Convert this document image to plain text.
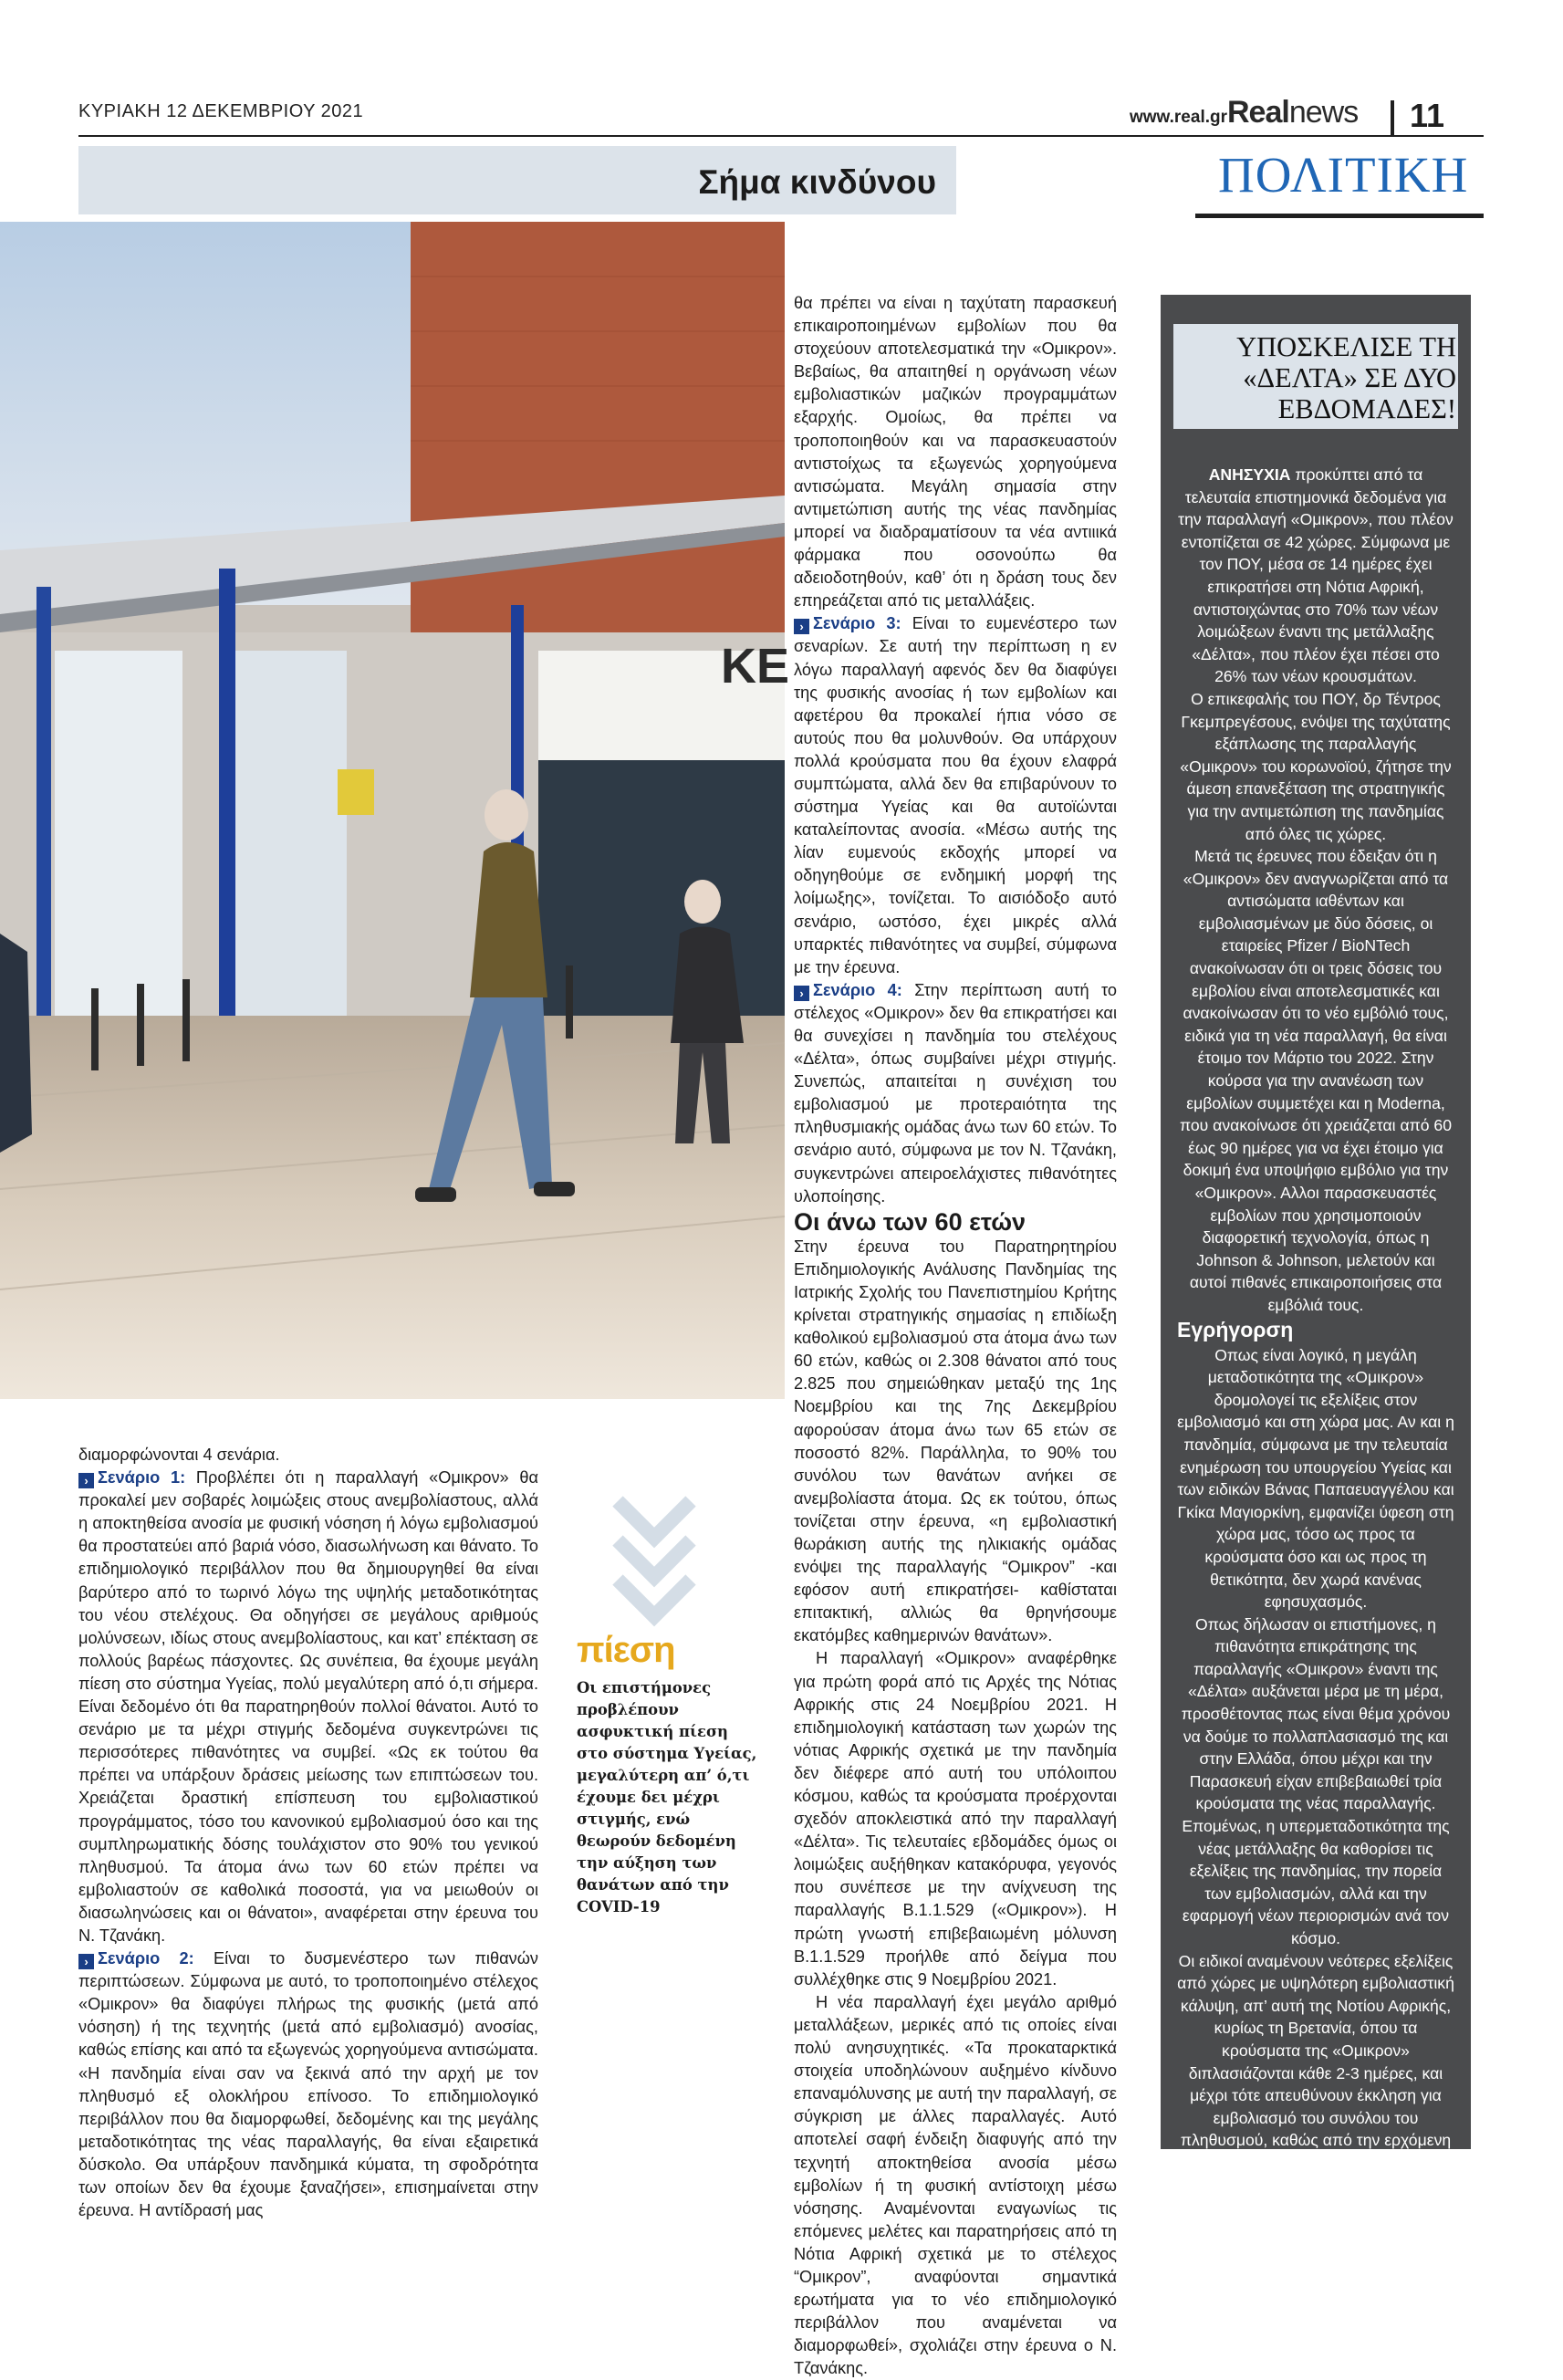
ΚΥΡΙΑΚΗ 12 ΔΕΚΕΜΒΡΙΟΥ 2021	www.real.gr Realnews 11
Σήμα κινδύνου	ΠΟΛΙΤΙΚΗ
KE

διαμορφώνονται 4 σενάρια.

› Σενάριο 1: Προβλέπει ότι η παραλλαγή «Ομικρον» θα προκαλεί μεν σοβαρές λοιμώξεις στους ανεμβολίαστους, αλλά η αποκτηθείσα ανοσία με φυσική νόσηση ή λόγω εμβολιασμού θα προστατεύει από βαριά νόσο, διασωλήνωση και θάνατο. Το επιδημιολογικό περιβάλλον που θα δημιουργηθεί θα είναι βαρύτερο από το τωρινό λόγω της υψηλής μεταδοτικότητας του νέου στελέχους. Θα οδηγήσει σε μεγάλους αριθμούς μολύνσεων, ιδίως στους ανεμβολίαστους, και κατ’ επέκταση σε πολλούς βαρέως πάσχοντες. Ως συνέπεια, θα έχουμε μεγάλη πίεση στο σύστημα Υγείας, πολύ μεγαλύτερη από ό,τι σήμερα. Είναι δεδομένο ότι θα παρατηρηθούν πολλοί θάνατοι. Αυτό το σενάριο με τα μέχρι στιγμής δεδομένα συγκεντρώνει τις περισσότερες πιθανότητες να συμβεί. «Ως εκ τούτου θα πρέπει να υπάρξουν δράσεις μείωσης των επιπτώσεων του. Χρειάζεται δραστική επίσπευση του εμβολιαστικού προγράμματος, τόσο του κανονικού εμβολιασμού όσο και της συμπληρωματικής δόσης τουλάχιστον στο 90% του γενικού πληθυσμού. Τα άτομα άνω των 60 ετών πρέπει να εμβολιαστούν σε καθολικά ποσοστά, για να μειωθούν οι διασωληνώσεις και οι θάνατοι», αναφέρεται στην έρευνα του Ν. Τζανάκη.

› Σενάριο 2: Είναι το δυσμενέστερο των πιθανών περιπτώσεων. Σύμφωνα με αυτό, το τροποποιημένο στέλεχος «Ομικρον» θα διαφύγει πλήρως της φυσικής (μετά από νόσηση) ή της τεχνητής (μετά από εμβολιασμό) ανοσίας, καθώς επίσης και από τα εξωγενώς χορηγούμενα αντισώματα. «Η πανδημία είναι σαν να ξεκινά από την αρχή με τον πληθυσμό εξ ολοκλήρου επίνοσο. Το επιδημιολογικό περιβάλλον που θα διαμορφωθεί, δεδομένης και της μεγάλης μεταδοτικότητας της νέας παραλλαγής, θα είναι εξαιρετικά δύσκολο. Θα υπάρξουν πανδημικά κύματα, τη σφοδρότητα των οποίων δεν θα έχουμε ξαναζήσει», επισημαίνεται στην έρευνα. Η αντίδρασή μας

πίεση
Οι επιστήμονες προβλέπουν ασφυκτική πίεση στο σύστημα Υγείας, μεγαλύτερη απ’ ό,τι έχουμε δει μέχρι στιγμής, ενώ θεωρούν δεδομένη την αύξηση των θανάτων από την COVID-19

θα πρέπει να είναι η ταχύτατη παρασκευή επικαιροποιημένων εμβολίων που θα στοχεύουν αποτελεσματικά την «Ομικρον». Βεβαίως, θα απαιτηθεί η οργάνωση νέων εμβολιαστικών μαζικών προγραμμάτων εξαρχής. Ομοίως, θα πρέπει να τροποποιηθούν και να παρασκευαστούν αντιστοίχως τα εξωγενώς χορηγούμενα αντισώματα. Μεγάλη σημασία στην αντιμετώπιση αυτής της νέας πανδημίας μπορεί να διαδραματίσουν τα νέα αντιιικά φάρμακα που οσονούπω θα αδειοδοτηθούν, καθ’ ότι η δράση τους δεν επηρεάζεται από τις μεταλλάξεις.

› Σενάριο 3: Είναι το ευμενέστερο των σεναρίων. Σε αυτή την περίπτωση η εν λόγω παραλλαγή αφενός δεν θα διαφύγει της φυσικής ανοσίας ή των εμβολίων και αφετέρου θα προκαλεί ήπια νόσο σε αυτούς που θα μολυνθούν. Θα υπάρχουν πολλά κρούσματα που θα έχουν ελαφρά συμπτώματα, αλλά δεν θα επιβαρύνουν το σύστημα Υγείας και θα αυτοϊώνται καταλείποντας ανοσία. «Μέσω αυτής της λίαν ευμενούς εκδοχής μπορεί να οδηγηθούμε σε ενδημική μορφή της λοίμωξης», τονίζεται. Το αισιόδοξο αυτό σενάριο, ωστόσο, έχει μικρές αλλά υπαρκτές πιθανότητες να συμβεί, σύμφωνα με την έρευνα.

› Σενάριο 4: Στην περίπτωση αυτή το στέλεχος «Ομικρον» δεν θα επικρατήσει και θα συνεχίσει η πανδημία του στελέχους «Δέλτα», όπως συμβαίνει μέχρι στιγμής. Συνεπώς, απαιτείται η συνέχιση του εμβολιασμού με προτεραιότητα της πληθυσμιακής ομάδας άνω των 60 ετών. Το σενάριο αυτό, σύμφωνα με τον Ν. Τζανάκη, συγκεντρώνει απειροελάχιστες πιθανότητες υλοποίησης.

Οι άνω των 60 ετών

Στην έρευνα του Παρατηρητηρίου Επιδημιολογικής Ανάλυσης Πανδημίας της Ιατρικής Σχολής του Πανεπιστημίου Κρήτης κρίνεται στρατηγικής σημασίας η επιδίωξη καθολικού εμβολιασμού στα άτομα άνω των 60 ετών, καθώς οι 2.308 θάνατοι από τους 2.825 που σημειώθηκαν μεταξύ της 1ης Νοεμβρίου και της 7ης Δεκεμβρίου αφορούσαν άτομα άνω των 65 ετών σε ποσοστό 82%. Παράλληλα, το 90% του συνόλου των θανάτων ανήκει σε ανεμβολίαστα άτομα. Ως εκ τούτου, όπως τονίζεται στην έρευνα, «η εμβολιαστική θωράκιση αυτής της ηλικιακής ομάδας ενόψει της παραλλαγής “Ομικρον” -και εφόσον αυτή επικρατήσει- καθίσταται επιτακτική, αλλιώς θα θρηνήσουμε εκατόμβες καθημερινών θανάτων».

Η παραλλαγή «Ομικρον» αναφέρθηκε για πρώτη φορά από τις Αρχές της Νότιας Αφρικής στις 24 Νοεμβρίου 2021. Η επιδημιολογική κατάσταση των χωρών της νότιας Αφρικής σχετικά με την πανδημία δεν διέφερε από αυτή του υπόλοιπου κόσμου, καθώς τα κρούσματα προέρχονται σχεδόν αποκλειστικά από την παραλλαγή «Δέλτα». Τις τελευταίες εβδομάδες όμως οι λοιμώξεις αυξήθηκαν κατακόρυφα, γεγονός που συνέπεσε με την ανίχνευση της παραλλαγής Β.1.1.529 («Ομικρον»). Η πρώτη γνωστή επιβεβαιωμένη μόλυνση Β.1.1.529 προήλθε από δείγμα που συλλέχθηκε στις 9 Νοεμβρίου 2021.

Η νέα παραλλαγή έχει μεγάλο αριθμό μεταλλάξεων, μερικές από τις οποίες είναι πολύ ανησυχητικές. «Τα προκαταρκτικά στοιχεία υποδηλώνουν αυξημένο κίνδυνο επαναμόλυνσης με αυτή την παραλλαγή, σε σύγκριση με άλλες παραλλαγές. Αυτό αποτελεί σαφή ένδειξη διαφυγής από την τεχνητή αποκτηθείσα ανοσία μέσω εμβολίων ή τη φυσική αντίστοιχη μέσω νόσησης. Αναμένονται εναγωνίως τις επόμενες μελέτες και παρατηρήσεις από τη Νότια Αφρική σχετικά με το στέλεχος “Ομικρον”, αναφύονται σημαντικά ερωτήματα για το νέο επιδημιολογικό περιβάλλον που αναμένεται να διαμορφωθεί», σχολιάζει στην έρευνα ο Ν. Τζανάκης.

ΥΠΟΣΚΕΛΙΣΕ ΤΗ «ΔΕΛΤΑ» ΣΕ ΔΥΟ ΕΒΔΟΜΑΔΕΣ!

ΑΝΗΣΥΧΙΑ προκύπτει από τα τελευταία επιστημονικά δεδομένα για την παραλλαγή «Ομικρον», που πλέον εντοπίζεται σε 42 χώρες. Σύμφωνα με τον ΠΟΥ, μέσα σε 14 ημέρες έχει επικρατήσει στη Νότια Αφρική, αντιστοιχώντας στο 70% των νέων λοιμώξεων έναντι της μετάλλαξης «Δέλτα», που πλέον έχει πέσει στο 26% των νέων κρουσμάτων.

Ο επικεφαλής του ΠΟΥ, δρ Τέντρος Γκεμπρεγέσους, ενόψει της ταχύτατης εξάπλωσης της παραλλαγής «Ομικρον» του κορωνοϊού, ζήτησε την άμεση επανεξέταση της στρατηγικής για την αντιμετώπιση της πανδημίας από όλες τις χώρες.

Μετά τις έρευνες που έδειξαν ότι η «Ομικρον» δεν αναγνωρίζεται από τα αντισώματα ιαθέντων και εμβολιασμένων με δύο δόσεις, οι εταιρείες Pfizer / BioNTech ανακοίνωσαν ότι οι τρεις δόσεις του εμβολίου είναι αποτελεσματικές και ανακοίνωσαν ότι το νέο εμβόλιό τους, ειδικά για τη νέα παραλλαγή, θα είναι έτοιμο τον Μάρτιο του 2022. Στην κούρσα για την ανανέωση των εμβολίων συμμετέχει και η Moderna, που ανακοίνωσε ότι χρειάζεται από 60 έως 90 ημέρες για να έχει έτοιμο για δοκιμή ένα υποψήφιο εμβόλιο για την «Ομικρον». Αλλοι παρασκευαστές εμβολίων που χρησιμοποιούν διαφορετική τεχνολογία, όπως η Johnson & Johnson, μελετούν και αυτοί πιθανές επικαιροποιήσεις στα εμβόλιά τους.

Εγρήγορση

Οπως είναι λογικό, η μεγάλη μεταδοτικότητα της «Ομικρον» δρομολογεί τις εξελίξεις στον εμβολιασμό και στη χώρα μας. Αν και η πανδημία, σύμφωνα με την τελευταία ενημέρωση του υπουργείου Υγείας και των ειδικών Βάνας Παπαευαγγέλου και Γκίκα Μαγιορκίνη, εμφανίζει ύφεση στη χώρα μας, τόσο ως προς τα κρούσματα όσο και ως προς τη θετικότητα, δεν χωρά κανένας εφησυχασμός.

Οπως δήλωσαν οι επιστήμονες, η πιθανότητα επικράτησης της παραλλαγής «Ομικρον» έναντι της «Δέλτα» αυξάνεται μέρα με τη μέρα, προσθέτοντας πως είναι θέμα χρόνου να δούμε το πολλαπλασιασμό της και στην Ελλάδα, όπου μέχρι και την Παρασκευή είχαν επιβεβαιωθεί τρία κρούσματα της νέας παραλλαγής. Επομένως, η υπερμεταδοτικότητα της νέας μετάλλαξης θα καθορίσει τις εξελίξεις της πανδημίας, την πορεία των εμβολιασμών, αλλά και την εφαρμογή νέων περιορισμών ανά τον κόσμο.

Οι ειδικοί αναμένουν νεότερες εξελίξεις από χώρες με υψηλότερη εμβολιαστική κάλυψη, απ’ αυτή της Νοτίου Αφρικής, κυρίως τη Βρετανία, όπου τα κρούσματα της «Ομικρον» διπλασιάζονται κάθε 2-3 ημέρες, και μέχρι τότε απευθύνουν έκκληση για εμβολιασμό του συνόλου του πληθυσμού, καθώς από την ερχόμενη Τετάρτη αναμένεται να ξεκινήσει η χορήγηση του εμβολίου και στα παιδιά ηλικίας 5-11 ετών.
